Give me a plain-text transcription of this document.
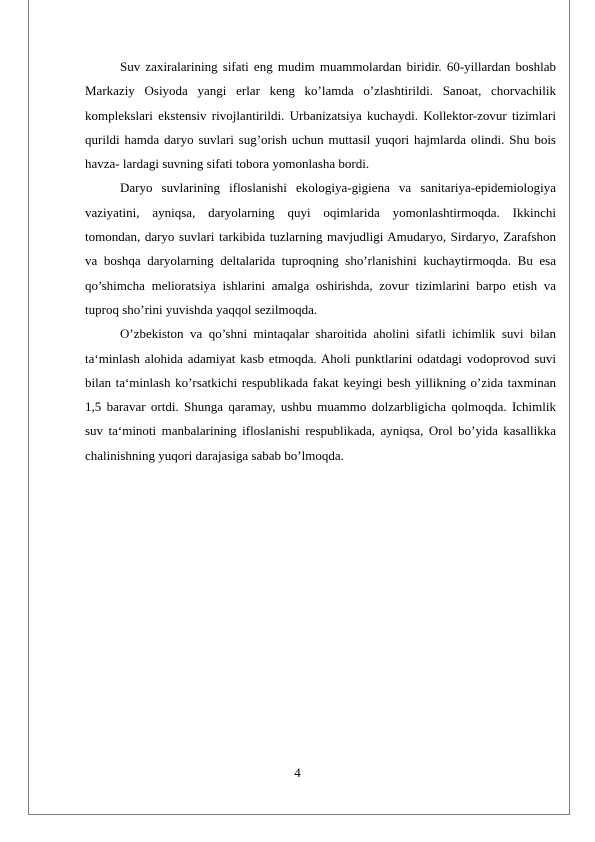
Suv zaxiralarining sifati eng mudim muammolardan biridir. 60-yillardan boshlab Markaziy Osiyoda yangi erlar keng ko’lamda o’zlashtirildi. Sanoat, chorvachilik komplekslari ekstensiv rivojlantirildi. Urbanizatsiya kuchaydi. Kollektor-zovur tizimlari qurildi hamda daryo suvlari sug’orish uchun muttasil yuqori hajmlarda olindi. Shu bois havza- lardagi suvning sifati tobora yomonlasha bordi.

Daryo suvlarining ifloslanishi ekologiya-gigiena va sanitariya-epidemiologiya vaziyatini, ayniqsa, daryolarning quyi oqimlarida yomonlashtirmoqda. Ikkinchi tomondan, daryo suvlari tarkibida tuzlarning mavjudligi Amudaryo, Sirdaryo, Zarafshon va boshqa daryolarning deltalarida tuproqning sho’rlanishini kuchaytirmoqda. Bu esa qo’shimcha melioratsiya ishlarini amalga oshirishda, zovur tizimlarini barpo etish va tuproq sho’rini yuvishda yaqqol sezilmoqda.

O’zbekiston va qo’shni mintaqalar sharoitida aholini sifatli ichimlik suvi bilan ta‘minlash alohida adamiyat kasb etmoqda. Aholi punktlarini odatdagi vodoprovod suvi bilan ta‘minlash ko’rsatkichi respublikada fakat keyingi besh yillikning o’zida taxminan 1,5 baravar ortdi. Shunga qaramay, ushbu muammo dolzarbligicha qolmoqda. Ichimlik suv ta‘minoti manbalarining ifloslanishi respublikada, ayniqsa, Orol bo’yida kasallikka chalinishning yuqori darajasiga sabab bo’lmoqda.

4
